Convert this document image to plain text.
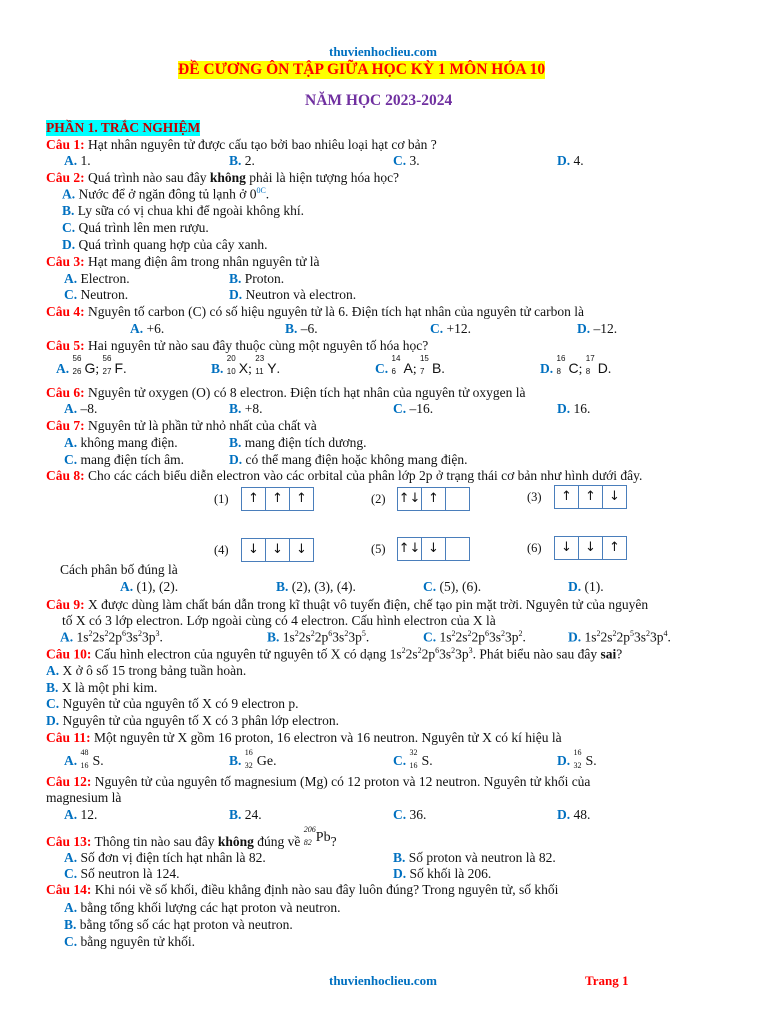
thuvienhoclieu.com
ĐỀ CƯƠNG ÔN TẬP GIỮA HỌC KỲ 1 MÔN HÓA 10
NĂM HỌC 2023-2024
PHẦN 1. TRẮC NGHIỆM
Câu 1: Hạt nhân nguyên tử được cấu tạo bởi bao nhiêu loại hạt cơ bản ?
A. 1.	B. 2.	C. 3.	D. 4.
Câu 2: Quá trình nào sau đây không phải là hiện tượng hóa học?
A. Nước để ở ngăn đông tủ lạnh ở $0^{0C}$.
B. Ly sữa có vị chua khi để ngoài không khí.
C. Quá trình lên men rượu.
D. Quá trình quang hợp của cây xanh.
Câu 3: Hạt mang điện âm trong nhân nguyên tử là
A. Electron.	B. Proton.
C. Neutron.	D. Neutron và electron.
Câu 4: Nguyên tố carbon (C) có số hiệu nguyên tử là 6. Điện tích hạt nhân của nguyên tử carbon là
A. +6.	B. –6.	C. +12.	D. –12.
Câu 5: Hai nguyên tử nào sau đây thuộc cùng một nguyên tố hóa học?
A.
56
26 G;
56
27 F.	B.
20
10 X;
23
11 Y.	C.
14
6 A;
15
7 B.	D.
16
8 C;
17
8 D.
Câu 6: Nguyên tử oxygen (O) có 8 electron. Điện tích hạt nhân của nguyên tử oxygen là
A. –8.	B. +8.	C. –16.	D. 16.
Câu 7: Nguyên tử là phần tử nhỏ nhất của chất và
A. không mang điện.	B. mang điện tích dương.
C. mang điện tích âm.	D. có thể mang điện hoặc không mang điện.
Câu 8: Cho các cách biểu diễn electron vào các orbital của phân lớp 2p ở trạng thái cơ bản như hình dưới đây.
(1)	↑	↑	↑	(2) ↑↓ ↑	(3)	↑	↑	↓
(4)	↓	↓	↓	(5) ↑↓ ↓	(6)	↓	↓	↑
Cách phân bố đúng là
A. (1), (2).	B. (2), (3), (4).	C. (5), (6).	D. (1).
Câu 9: X được dùng làm chất bán dẫn trong kĩ thuật vô tuyến điện, chế tạo pin mặt trời. Nguyên tử của nguyên
tố X có 3 lớp electron. Lớp ngoài cùng có 4 electron. Cấu hình electron của X là
A. $1s^22s^22p^63s^23p^3$.	B. $1s^22s^22p^63s^23p^5$.	C. $1s^22s^22p^63s^23p^2$.	D. $1s^22s^22p^53s^23p^4$.
Câu 10: Cấu hình electron của nguyên tử nguyên tố X có dạng $1s^22s^22p^63s^23p^3$. Phát biểu nào sau đây sai?
A. X ở ô số 15 trong bảng tuần hoàn.
B. X là một phi kim.
C. Nguyên tử của nguyên tố X có 9 electron p.
D. Nguyên tử của nguyên tố X có 3 phân lớp electron.
Câu 11: Một nguyên tử X gồm 16 proton, 16 electron và 16 neutron. Nguyên tử X có kí hiệu là
A.
48
16 S.	B.
16
32 Ge.	C.
32
16 S.	D.
16
32 S.
Câu 12: Nguyên tử của nguyên tố magnesium (Mg) có 12 proton và 12 neutron. Nguyên tử khối của
magnesium là
A. 12.	B. 24.	C. 36.	D. 48.
Câu 13: Thông tin nào sau đây không đúng về
206
82 Pb?
A. Số đơn vị điện tích hạt nhân là 82.	B. Số proton và neutron là 82.
C. Số neutron là 124.	D. Số khối là 206.
Câu 14: Khi nói về số khối, điều khẳng định nào sau đây luôn đúng? Trong nguyên tử, số khối
A. bằng tổng khối lượng các hạt proton và neutron.
B. bằng tổng số các hạt proton và neutron.
C. bằng nguyên tử khối.
thuvienhoclieu.com	Trang 1
